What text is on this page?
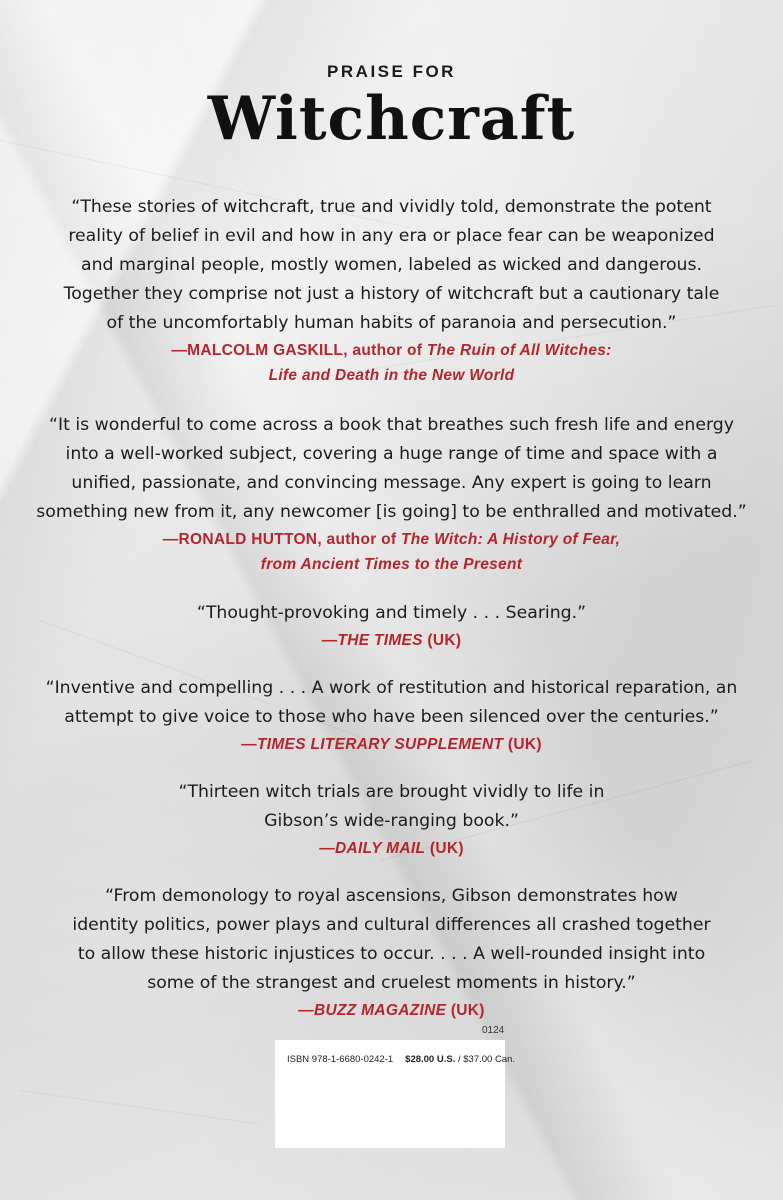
PRAISE FOR
Witchcraft
“These stories of witchcraft, true and vividly told, demonstrate the potent
reality of belief in evil and how in any era or place fear can be weaponized
and marginal people, mostly women, labeled as wicked and dangerous.
Together they comprise not just a history of witchcraft but a cautionary tale
of the uncomfortably human habits of paranoia and persecution.”
—MALCOLM GASKILL, author of The Ruin of All Witches:
Life and Death in the New World
“It is wonderful to come across a book that breathes such fresh life and energy
into a well-worked subject, covering a huge range of time and space with a
unified, passionate, and convincing message. Any expert is going to learn
something new from it, any newcomer [is going] to be enthralled and motivated.”
—RONALD HUTTON, author of The Witch: A History of Fear,
from Ancient Times to the Present
“Thought-provoking and timely . . . Searing.”
—THE TIMES (UK)
“Inventive and compelling . . . A work of restitution and historical reparation, an
attempt to give voice to those who have been silenced over the centuries.”
—TIMES LITERARY SUPPLEMENT (UK)
“Thirteen witch trials are brought vividly to life in
Gibson’s wide-ranging book.”
—DAILY MAIL (UK)
“From demonology to royal ascensions, Gibson demonstrates how
identity politics, power plays and cultural differences all crashed together
to allow these historic injustices to occur. . . . A well-rounded insight into
some of the strangest and cruelest moments in history.”
—BUZZ MAGAZINE (UK)
0124
ISBN 978-1-6680-0242-1 $28.00 U.S. / $37.00 Can.
